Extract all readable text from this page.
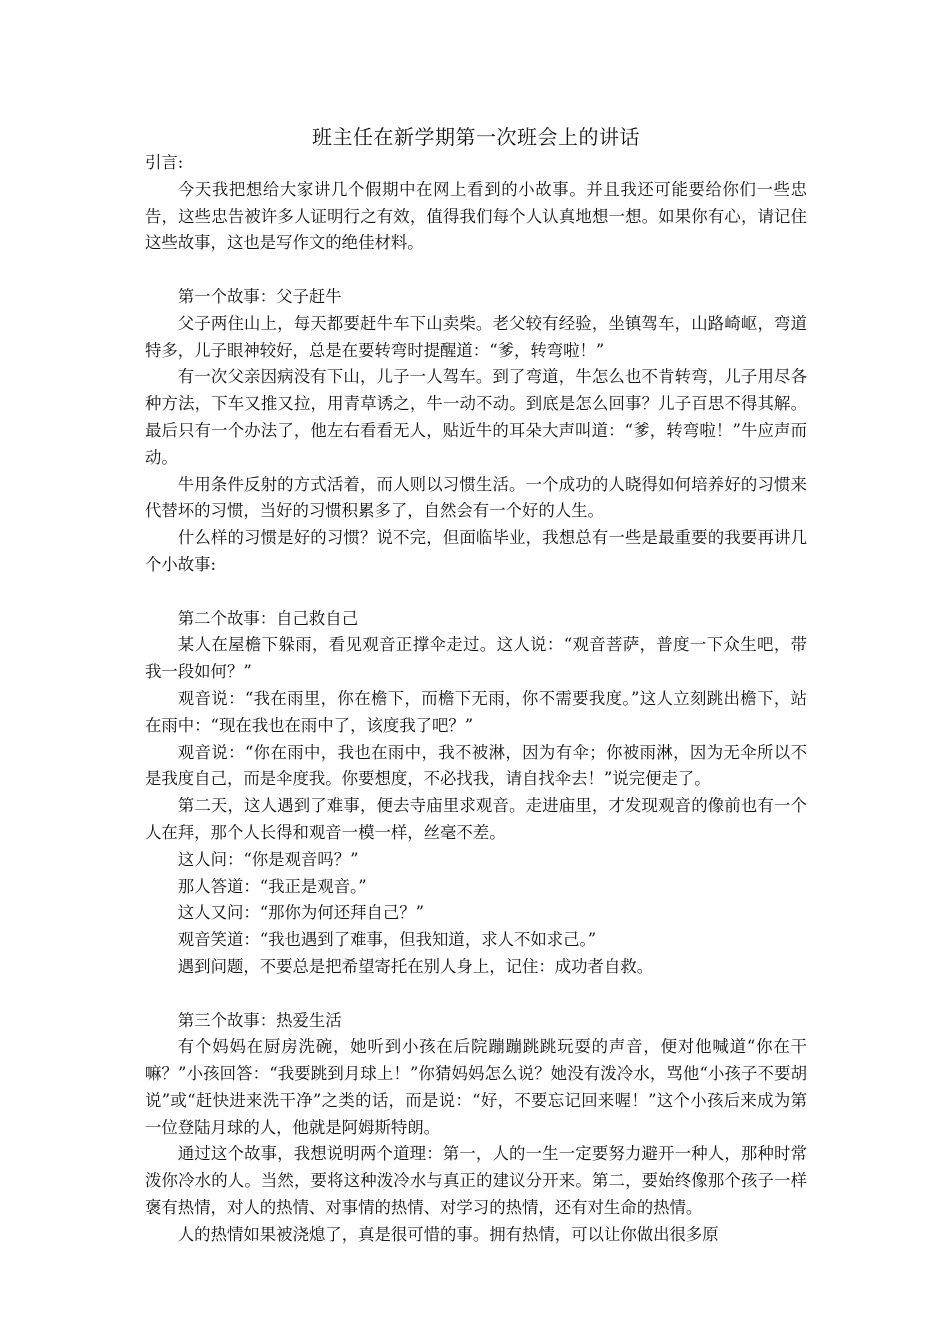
班主任在新学期第一次班会上的讲话

引言:

今天我把想给大家讲几个假期中在网上看到的小故事。并且我还可能要给你们一些忠告，这些忠告被许多人证明行之有效，值得我们每个人认真地想一想。如果你有心，请记住这些故事，这也是写作文的绝佳材料。

第一个故事：父子赶牛

父子两住山上，每天都要赶牛车下山卖柴。老父较有经验，坐镇驾车，山路崎岖，弯道特多，儿子眼神较好，总是在要转弯时提醒道：“爹，转弯啦！”

有一次父亲因病没有下山，儿子一人驾车。到了弯道，牛怎么也不肯转弯，儿子用尽各种方法，下车又推又拉，用青草诱之，牛一动不动。到底是怎么回事？儿子百思不得其解。最后只有一个办法了，他左右看看无人，贴近牛的耳朵大声叫道：“爹，转弯啦！”牛应声而动。

牛用条件反射的方式活着，而人则以习惯生活。一个成功的人晓得如何培养好的习惯来代替坏的习惯，当好的习惯积累多了，自然会有一个好的人生。

什么样的习惯是好的习惯？说不完，但面临毕业，我想总有一些是最重要的我要再讲几个小故事:

第二个故事：自己救自己

某人在屋檐下躲雨，看见观音正撑伞走过。这人说：“观音菩萨，普度一下众生吧，带我一段如何？”

观音说：“我在雨里，你在檐下，而檐下无雨，你不需要我度。”这人立刻跳出檐下，站在雨中：“现在我也在雨中了，该度我了吧？”

观音说：“你在雨中，我也在雨中，我不被淋，因为有伞；你被雨淋，因为无伞所以不是我度自己，而是伞度我。你要想度，不必找我，请自找伞去！”说完便走了。

第二天，这人遇到了难事，便去寺庙里求观音。走进庙里，才发现观音的像前也有一个人在拜，那个人长得和观音一模一样，丝毫不差。

这人问：“你是观音吗？”

那人答道：“我正是观音。”

这人又问：“那你为何还拜自己？”

观音笑道：“我也遇到了难事，但我知道，求人不如求己。”

遇到问题，不要总是把希望寄托在别人身上，记住：成功者自救。

第三个故事：热爱生活

有个妈妈在厨房洗碗，她听到小孩在后院蹦蹦跳跳玩耍的声音，便对他喊道“你在干嘛？”小孩回答：“我要跳到月球上！”你猜妈妈怎么说？她没有泼冷水，骂他“小孩子不要胡说”或“赶快进来洗干净”之类的话，而是说：“好，不要忘记回来喔！”这个小孩后来成为第一位登陆月球的人，他就是阿姆斯特朗。

通过这个故事，我想说明两个道理：第一，人的一生一定要努力避开一种人，那种时常泼你冷水的人。当然，要将这种泼冷水与真正的建议分开来。第二，要始终像那个孩子一样褒有热情，对人的热情、对事情的热情、对学习的热情，还有对生命的热情。

人的热情如果被浇熄了，真是很可惜的事。拥有热情，可以让你做出很多原
